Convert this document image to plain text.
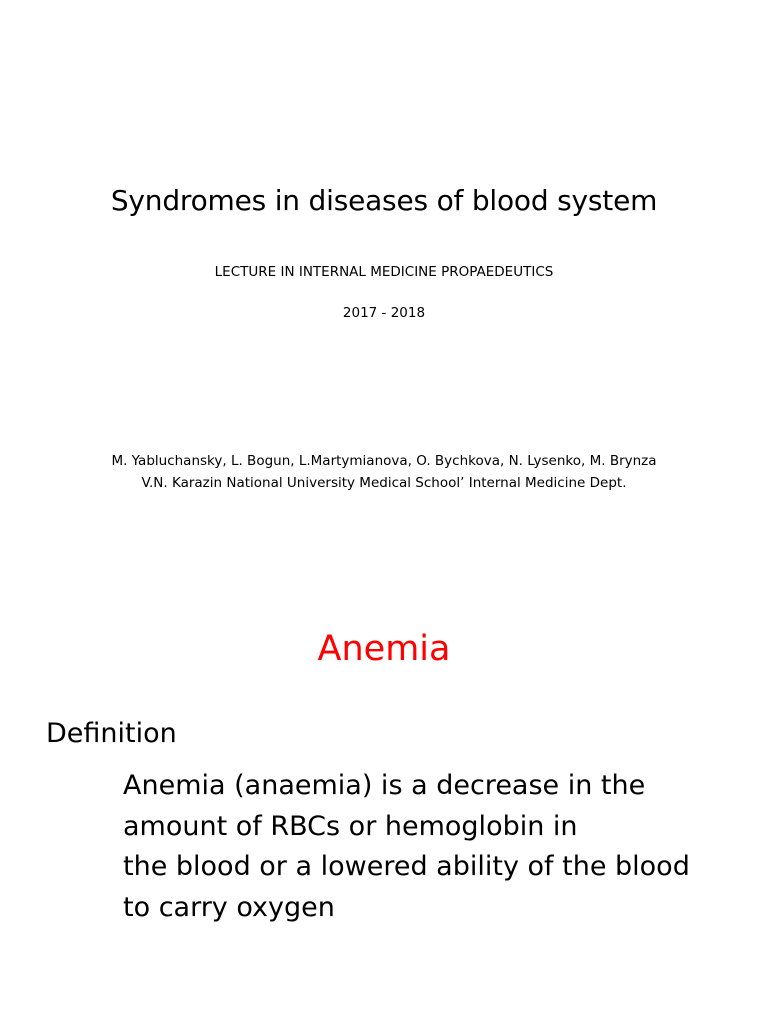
Syndromes in diseases of blood system
LECTURE IN INTERNAL MEDICINE PROPAEDEUTICS
2017 - 2018
M. Yabluchansky, L. Bogun, L.Martymianova, O. Bychkova, N. Lysenko, M. Brynza
V.N. Karazin National University Medical School’ Internal Medicine Dept.
Anemia
Definition
Anemia (anaemia) is a decrease in the
amount of RBCs or hemoglobin in
the blood or a lowered ability of the blood
to carry oxygen
